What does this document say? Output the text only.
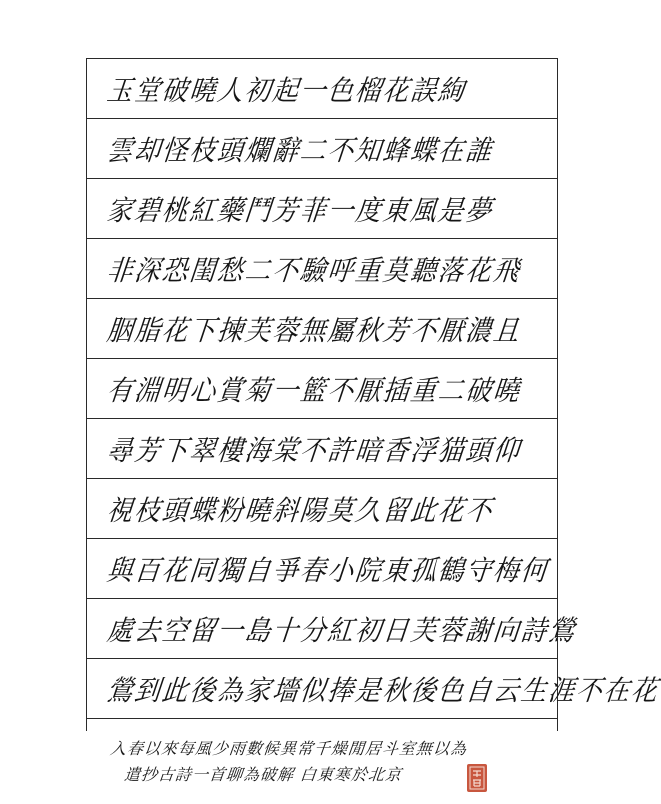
玉堂破曉人初起一色榴花誤絢
雲却怪枝頭爛辭⼆不知蜂蝶在誰
家碧桃紅藥鬥芳菲一度東風是夢
非深恐閨愁⼆不驗呼重莫聽落花飛
胭脂花下揀芙蓉無屬秋芳不厭濃且
有淵明心賞菊一籃不厭插重⼆破曉
尋芳下翠樓海棠不許暗香浮猫頭仰
視枝頭蝶粉曉斜陽莫久留此花不
與百花同獨自爭春小院東孤鶴守梅何
處去空留一島十分紅初日芙蓉謝向詩鶯
鶯到此後為家墻似捧是秋後色自云生涯不在花
入春以來每風少雨數候異常千燥閒居斗室無以為
遣抄古詩一首聊為破解 白東寒於北京
